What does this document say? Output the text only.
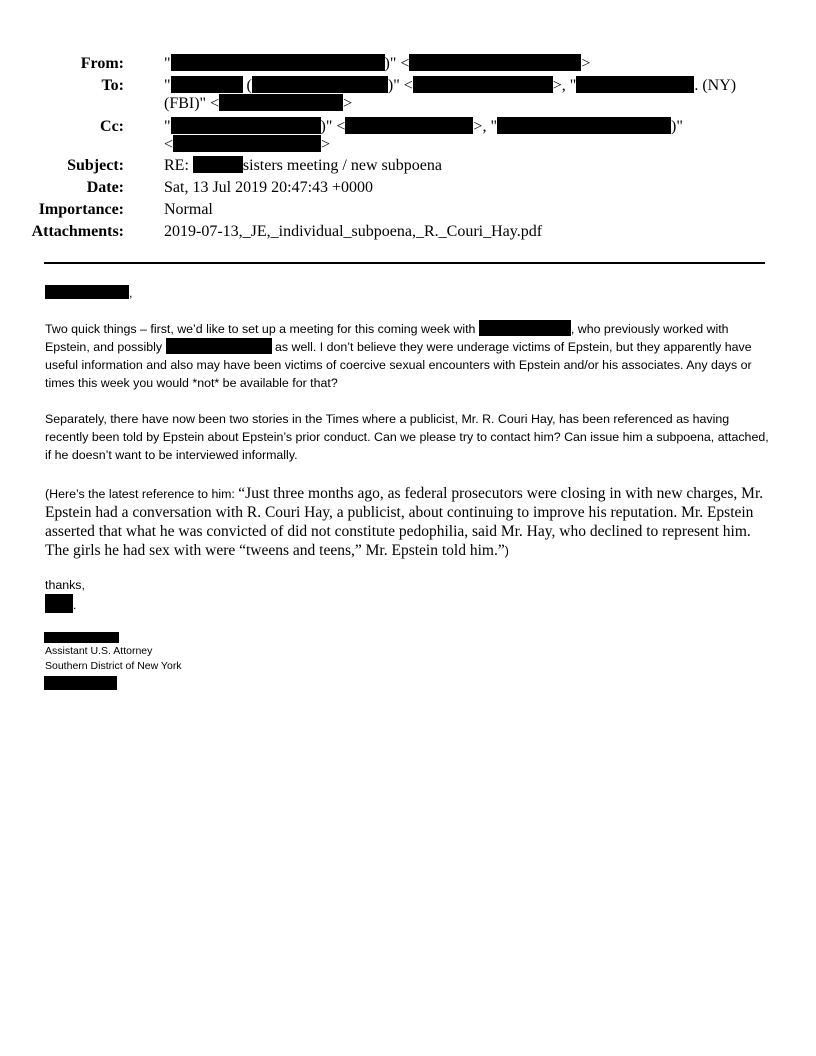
From:	"	)" <	>
To:	"	(	)" <	>, "	. (NY)
(FBI)" <	>
Cc:	"	)" <	>, "	)"
<	>
Subject:	RE:	sisters meeting / new subpoena
Date:	Sat, 13 Jul 2019 20:47:43 +0000
Importance:	Normal
Attachments:	2019-07-13,_JE,_individual_subpoena,_R._Couri_Hay.pdf
,

Two quick things – first, we’d like to set up a meeting for this coming week with	, who previously worked with Epstein, and possibly	as well. I don’t believe they were underage victims of Epstein, but they apparently have useful information and also may have been victims of coercive sexual encounters with Epstein and/or his associates. Any days or times this week you would *not* be available for that?

Separately, there have now been two stories in the Times where a publicist, Mr. R. Couri Hay, has been referenced as having recently been told by Epstein about Epstein’s prior conduct. Can we please try to contact him? Can issue him a subpoena, attached, if he doesn’t want to be interviewed informally.

(Here’s the latest reference to him: “Just three months ago, as federal prosecutors were closing in with new charges, Mr. Epstein had a conversation with R. Couri Hay, a publicist, about continuing to improve his reputation. Mr. Epstein asserted that what he was convicted of did not constitute pedophilia, said Mr. Hay, who declined to represent him. The girls he had sex with were “tweens and teens,” Mr. Epstein told him.”)

thanks,
.
Assistant U.S. Attorney
Southern District of New York
